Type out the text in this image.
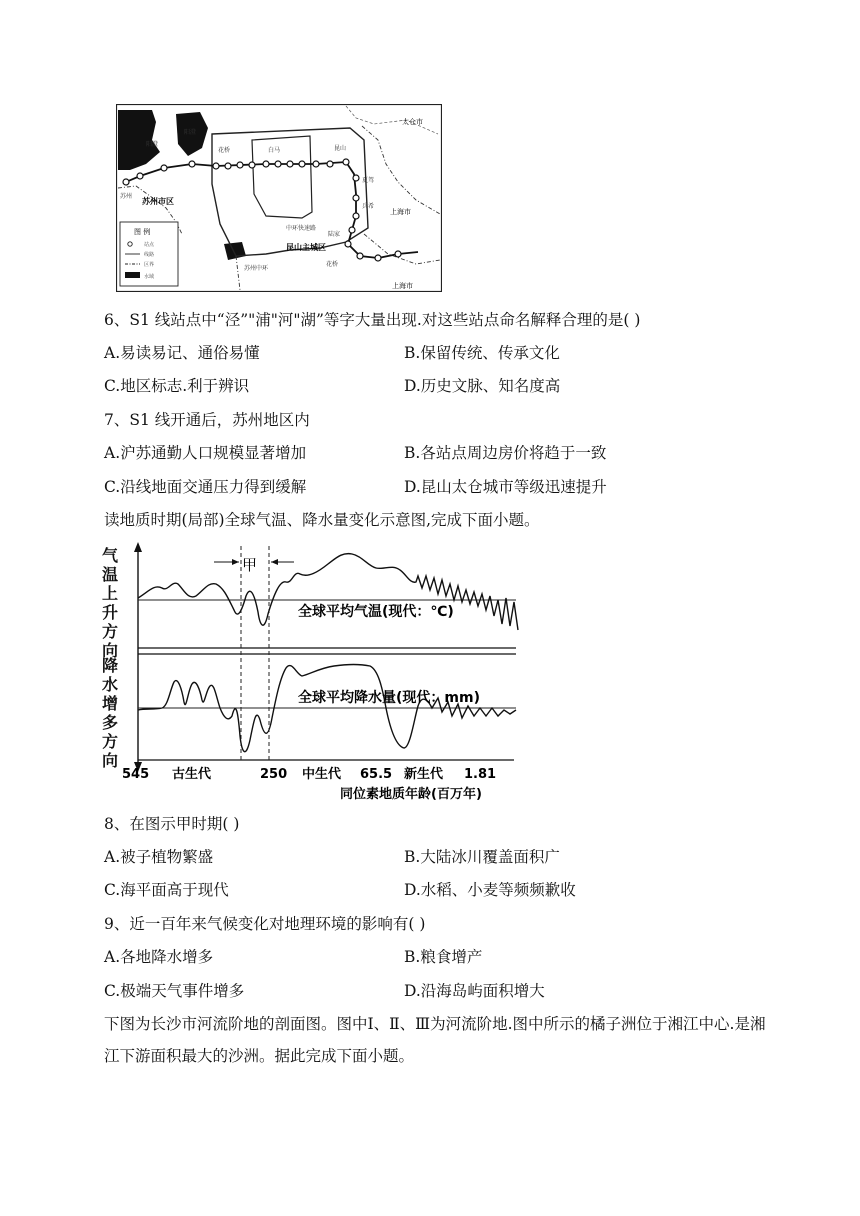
阳澄
阳澄
苏州
花桥	白马	昆山
夏驾
兵希
陆家
中环快速路
花桥
苏州中环
站点
线路
区界
水域
图 例
太仓市
上海市
上海市
苏州市区
昆山主城区
6、S1 线站点中“泾”"浦"河"湖”等字大量出现.对这些站点命名解释合理的是( )
A.易读易记、通俗易懂	B.保留传统、传承文化
C.地区标志.利于辨识	D.历史文脉、知名度高
7、S1 线开通后，苏州地区内
A.沪苏通勤人口规模显著增加	B.各站点周边房价将趋于一致
C.沿线地面交通压力得到缓解	D.昆山太仓城市等级迅速提升
读地质时期(局部)全球气温、降水量变化示意图,完成下面小题。
甲
全球平均气温(现代：℃)
全球平均降水量(现代：mm)
545 古生代	250 中生代 65.5 新生代 1.81
同位素地质年龄(百万年)
气温上升方向
降水增多方向
8、在图示甲时期( )
A.被子植物繁盛	B.大陆冰川覆盖面积广
C.海平面高于现代	D.水稻、小麦等频频歉收
9、近一百年来气候变化对地理环境的影响有( )
A.各地降水增多	B.粮食增产
C.极端天气事件增多	D.沿海岛屿面积增大
下图为长沙市河流阶地的剖面图。图中Ⅰ、Ⅱ、Ⅲ为河流阶地.图中所示的橘子洲位于湘江中心.是湘江下游面积最大的沙洲。据此完成下面小题。
